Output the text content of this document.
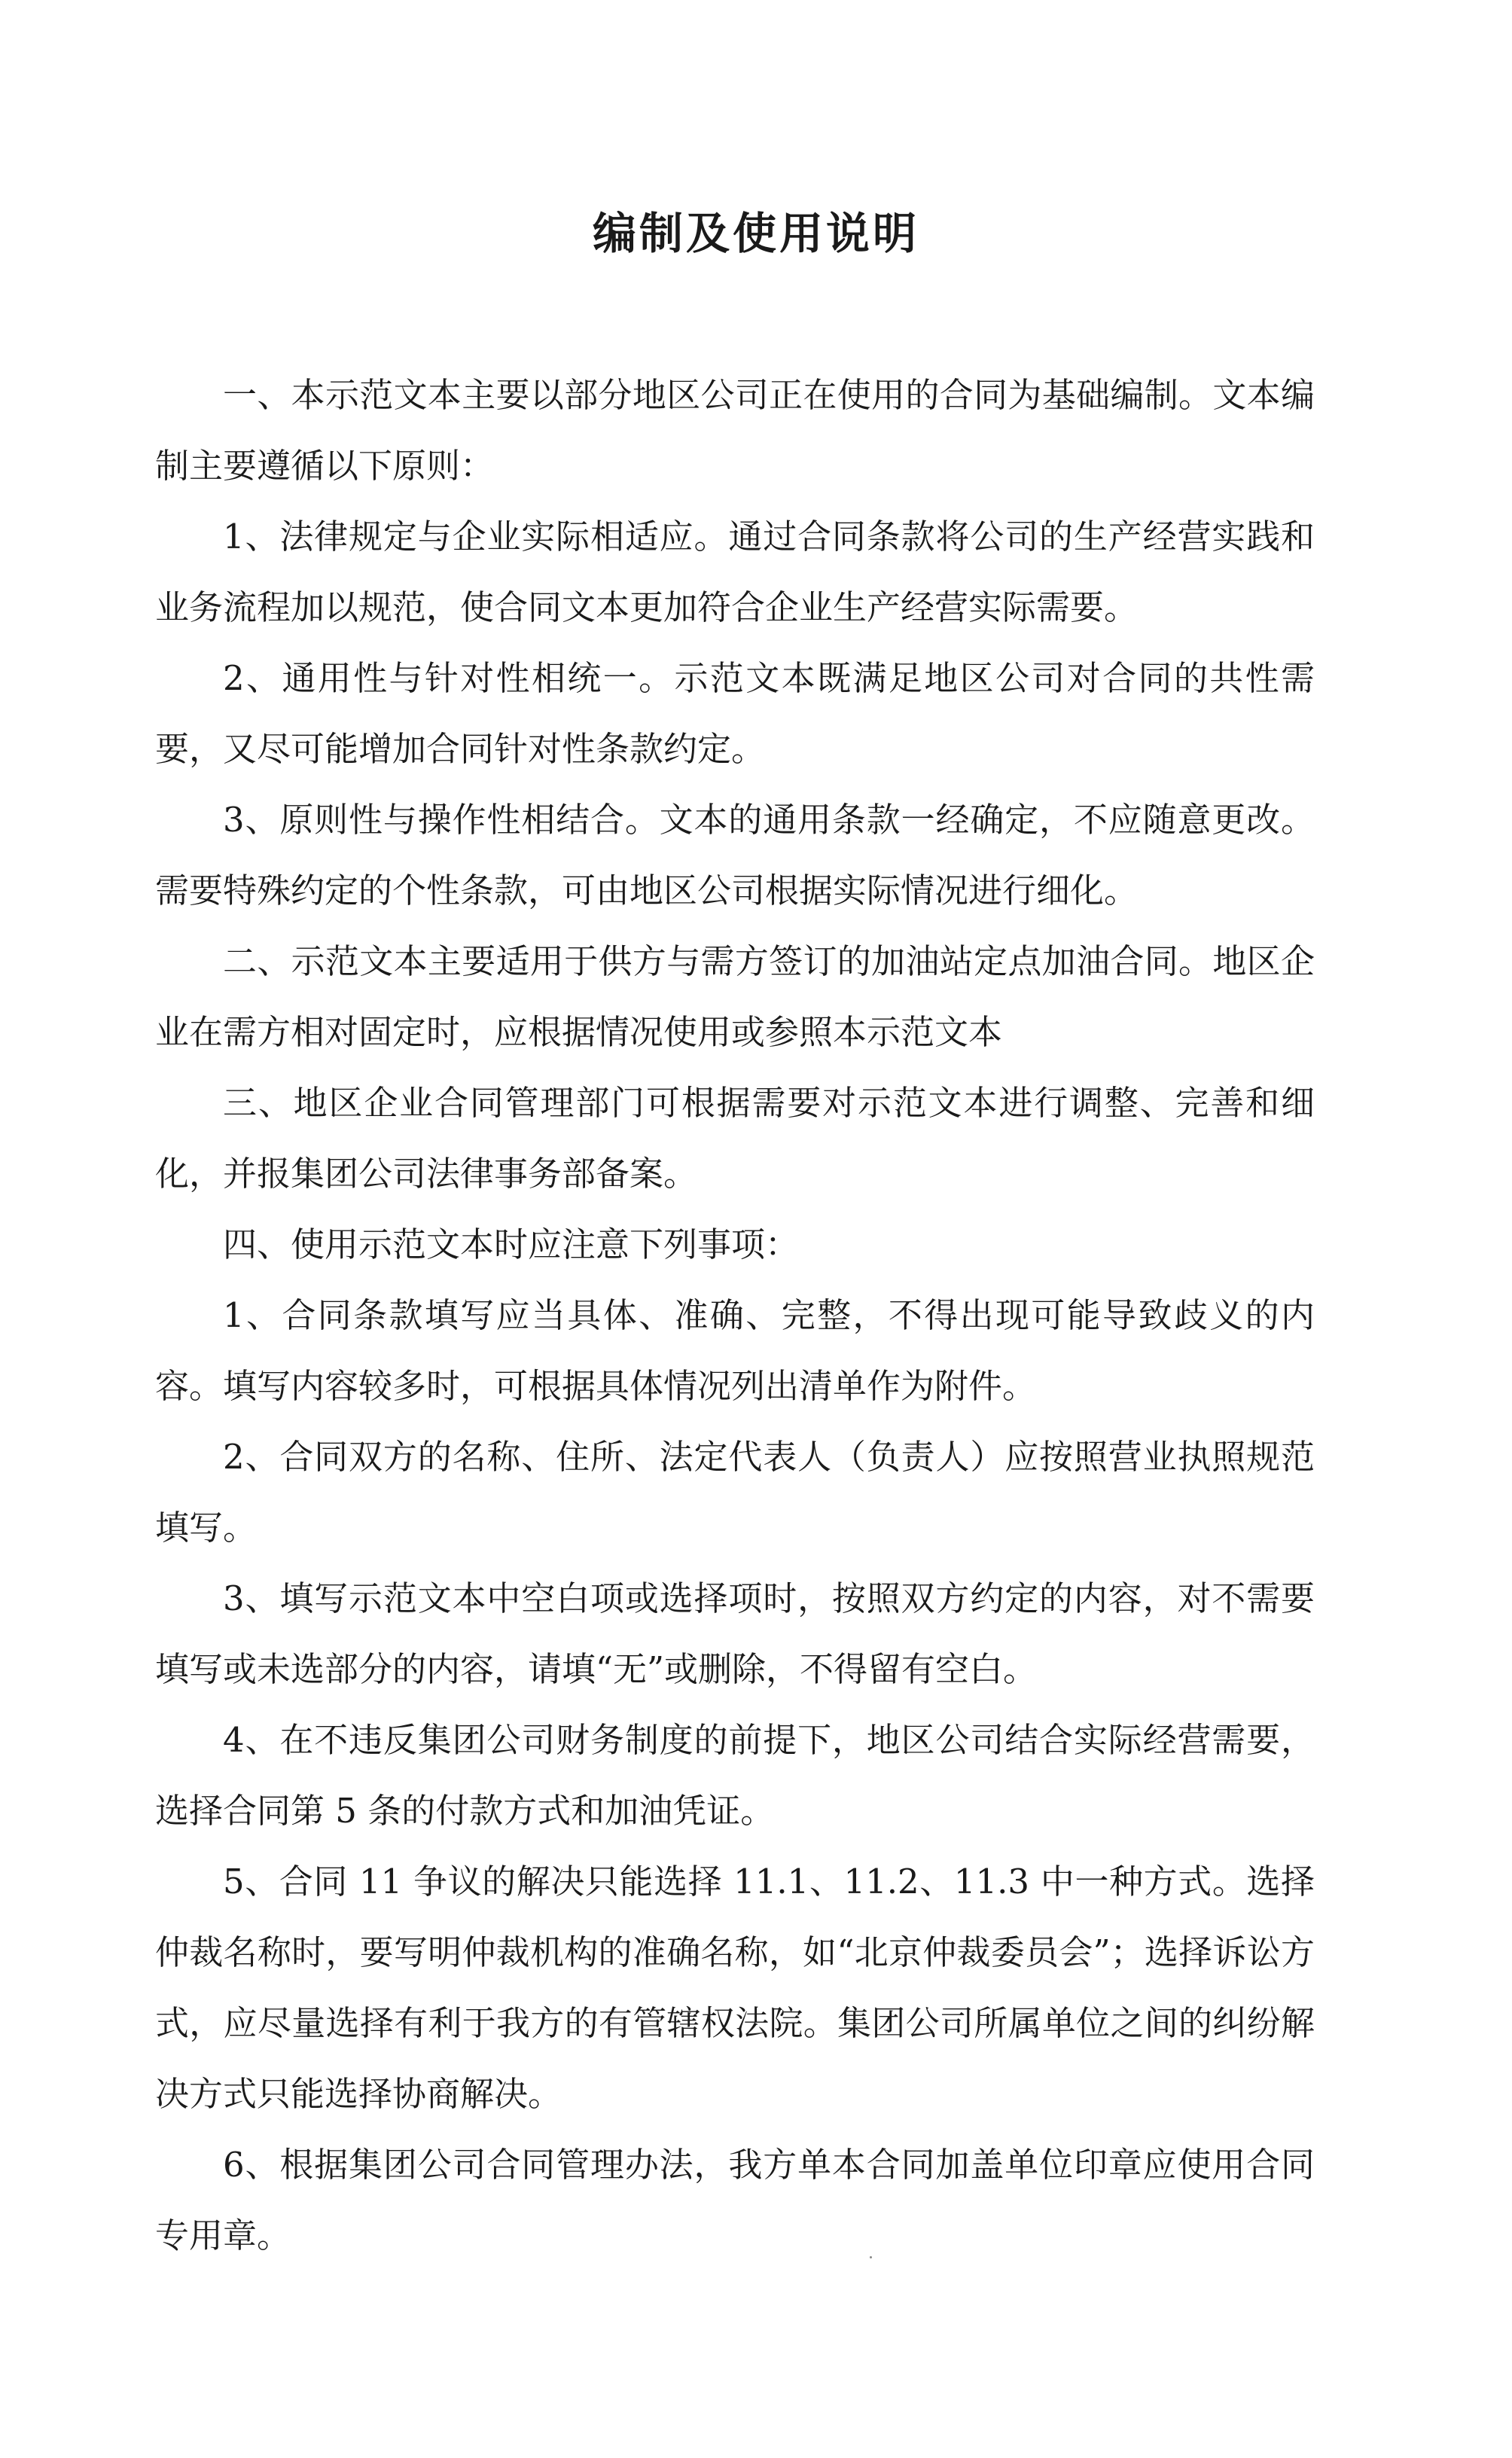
编制及使用说明

一、本示范文本主要以部分地区公司正在使用的合同为基础编制。文本编制主要遵循以下原则：

1、法律规定与企业实际相适应。通过合同条款将公司的生产经营实践和业务流程加以规范，使合同文本更加符合企业生产经营实际需要。

2、通用性与针对性相统一。示范文本既满足地区公司对合同的共性需要，又尽可能增加合同针对性条款约定。

3、原则性与操作性相结合。文本的通用条款一经确定，不应随意更改。需要特殊约定的个性条款，可由地区公司根据实际情况进行细化。

二、示范文本主要适用于供方与需方签订的加油站定点加油合同。地区企业在需方相对固定时，应根据情况使用或参照本示范文本

三、地区企业合同管理部门可根据需要对示范文本进行调整、完善和细化，并报集团公司法律事务部备案。

四、使用示范文本时应注意下列事项：

1、合同条款填写应当具体、准确、完整，不得出现可能导致歧义的内容。填写内容较多时，可根据具体情况列出清单作为附件。

2、合同双方的名称、住所、法定代表人（负责人）应按照营业执照规范填写。

3、填写示范文本中空白项或选择项时，按照双方约定的内容，对不需要填写或未选部分的内容，请填“无”或删除，不得留有空白。

4、在不违反集团公司财务制度的前提下，地区公司结合实际经营需要，选择合同第 5 条的付款方式和加油凭证。

5、合同 11 争议的解决只能选择 11.1、11.2、11.3 中一种方式。选择仲裁名称时，要写明仲裁机构的准确名称，如“北京仲裁委员会”；选择诉讼方式，应尽量选择有利于我方的有管辖权法院。集团公司所属单位之间的纠纷解决方式只能选择协商解决。

6、根据集团公司合同管理办法，我方单本合同加盖单位印章应使用合同专用章。
